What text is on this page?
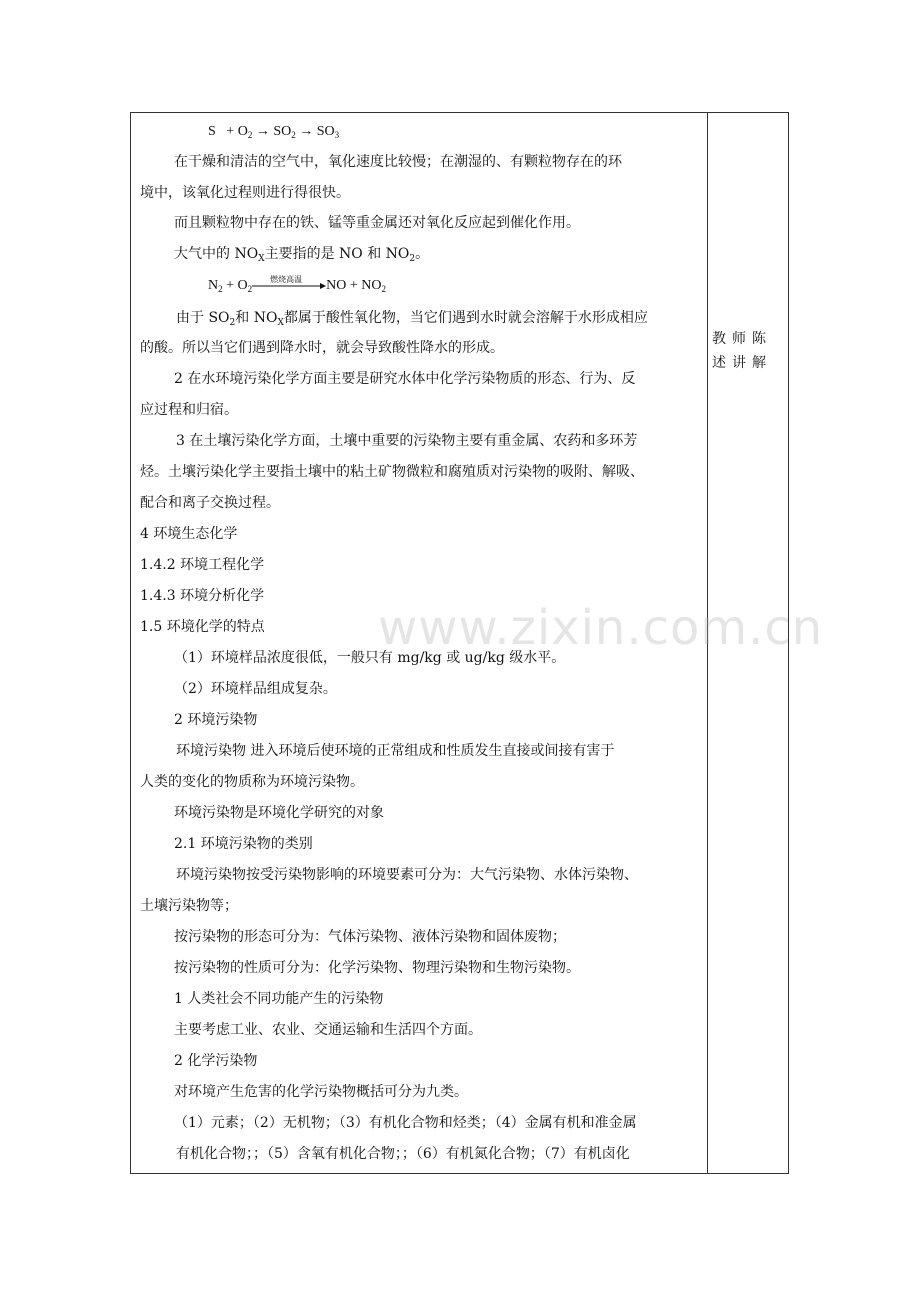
$S + O_2 \to SO_2 \to SO_3$
在干燥和清洁的空气中，氧化速度比较慢；在潮湿的、有颗粒物存在的环
境中，该氧化过程则进行得很快。
而且颗粒物中存在的铁、锰等重金属还对氧化反应起到催化作用。
大气中的 $NO_X$主要指的是 NO 和 $NO_2$。
$N_2 + O_2$
燃烧高温 NO + $NO_2$
由于 $SO_2$和 $NO_X$都属于酸性氧化物，当它们遇到水时就会溶解于水形成相应
的酸。所以当它们遇到降水时，就会导致酸性降水的形成。
2 在水环境污染化学方面主要是研究水体中化学污染物质的形态、行为、反
应过程和归宿。
3 在土壤污染化学方面，土壤中重要的污染物主要有重金属、农药和多环芳
烃。土壤污染化学主要指土壤中的粘土矿物微粒和腐殖质对污染物的吸附、解吸、
配合和离子交换过程。
4 环境生态化学
1.4.2 环境工程化学
1.4.3 环境分析化学
1.5 环境化学的特点
（1）环境样品浓度很低，一般只有 mg/kg 或 ug/kg 级水平。
（2）环境样品组成复杂。
2 环境污染物
环境污染物 进入环境后使环境的正常组成和性质发生直接或间接有害于
人类的变化的物质称为环境污染物。
环境污染物是环境化学研究的对象
2.1 环境污染物的类别
环境污染物按受污染物影响的环境要素可分为：大气污染物、水体污染物、
土壤污染物等；
按污染物的形态可分为：气体污染物、液体污染物和固体废物；
按污染物的性质可分为：化学污染物、物理污染物和生物污染物。
1 人类社会不同功能产生的污染物
主要考虑工业、农业、交通运输和生活四个方面。
2 化学污染物
对环境产生危害的化学污染物概括可分为九类。
（1）元素；（2）无机物；（3）有机化合物和烃类；（4）金属有机和准金属
有机化合物；；（5）含氧有机化合物；；（6）有机氮化合物；（7）有机卤化
教师陈
述讲解
www.zixin.com.cn
